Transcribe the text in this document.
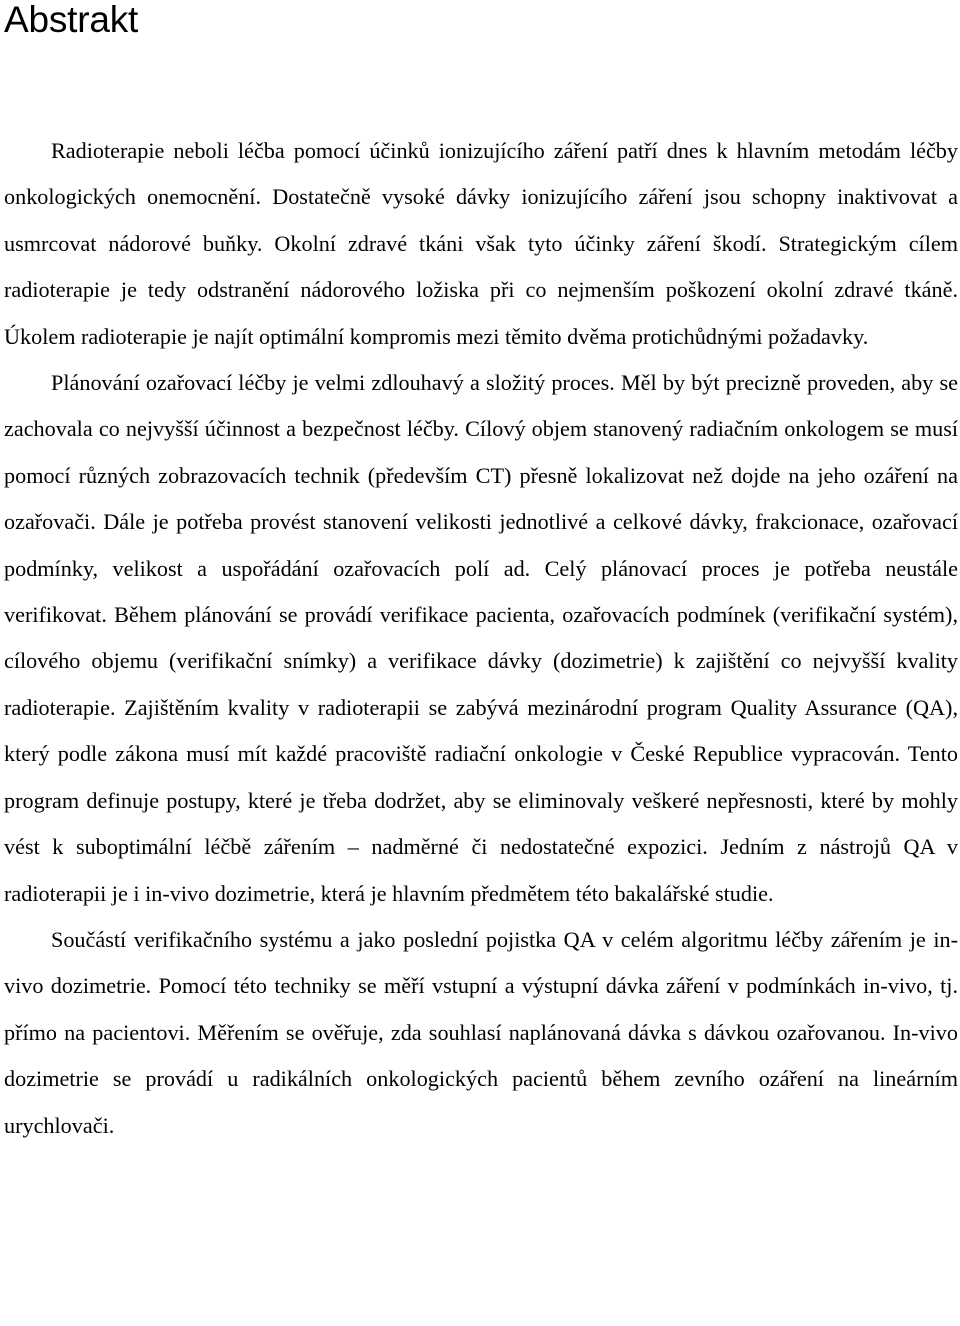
Abstrakt

Radioterapie neboli léčba pomocí účinků ionizujícího záření patří dnes k hlavním metodám léčby onkologických onemocnění. Dostatečně vysoké dávky ionizujícího záření jsou schopny inaktivovat a usmrcovat nádorové buňky. Okolní zdravé tkáni však tyto účinky záření škodí. Strategickým cílem radioterapie je tedy odstranění nádorového ložiska při co nejmenším poškození okolní zdravé tkáně. Úkolem radioterapie je najít optimální kompromis mezi těmito dvěma protichůdnými požadavky.

Plánování ozařovací léčby je velmi zdlouhavý a složitý proces. Měl by být precizně proveden, aby se zachovala co nejvyšší účinnost a bezpečnost léčby. Cílový objem stanovený radiačním onkologem se musí pomocí různých zobrazovacích technik (především CT) přesně lokalizovat než dojde na jeho ozáření na ozařovači. Dále je potřeba provést stanovení velikosti jednotlivé a celkové dávky, frakcionace, ozařovací podmínky, velikost a uspořádání ozařovacích polí ad. Celý plánovací proces je potřeba neustále verifikovat. Během plánování se provádí verifikace pacienta, ozařovacích podmínek (verifikační systém), cílového objemu (verifikační snímky) a verifikace dávky (dozimetrie) k zajištění co nejvyšší kvality radioterapie. Zajištěním kvality v radioterapii se zabývá mezinárodní program Quality Assurance (QA), který podle zákona musí mít každé pracoviště radiační onkologie v České Republice vypracován. Tento program definuje postupy, které je třeba dodržet, aby se eliminovaly veškeré nepřesnosti, které by mohly vést k suboptimální léčbě zářením – nadměrné či nedostatečné expozici. Jedním z nástrojů QA v radioterapii je i in-vivo dozimetrie, která je hlavním předmětem této bakalářské studie.

Součástí verifikačního systému a jako poslední pojistka QA v celém algoritmu léčby zářením je in-vivo dozimetrie. Pomocí této techniky se měří vstupní a výstupní dávka záření v podmínkách in-vivo, tj. přímo na pacientovi. Měřením se ověřuje, zda souhlasí naplánovaná dávka s dávkou ozařovanou. In-vivo dozimetrie se provádí u radikálních onkologických pacientů během zevního ozáření na lineárním urychlovači.
